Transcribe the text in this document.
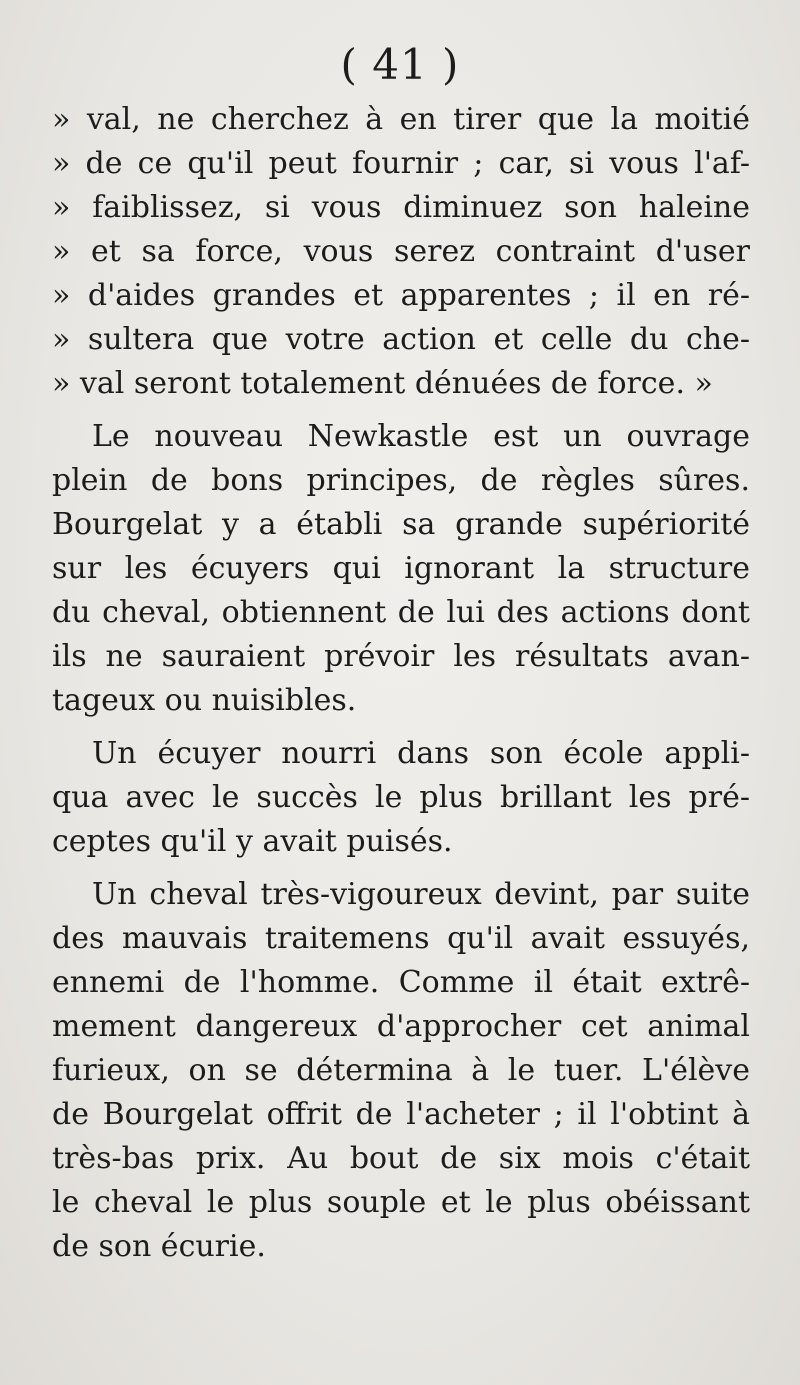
( 41 )
» val, ne cherchez à en tirer que la moitié
» de ce qu'il peut fournir ; car, si vous l'af-
» faiblissez, si vous diminuez son haleine
» et sa force, vous serez contraint d'user
» d'aides grandes et apparentes ; il en ré-
» sultera que votre action et celle du che-
» val seront totalement dénuées de force. »
Le nouveau Newkastle est un ouvrage
plein de bons principes, de règles sûres.
Bourgelat y a établi sa grande supériorité
sur les écuyers qui ignorant la structure
du cheval, obtiennent de lui des actions dont
ils ne sauraient prévoir les résultats avan-
tageux ou nuisibles.
Un écuyer nourri dans son école appli-
qua avec le succès le plus brillant les pré-
ceptes qu'il y avait puisés.
Un cheval très-vigoureux devint, par suite
des mauvais traitemens qu'il avait essuyés,
ennemi de l'homme. Comme il était extrê-
mement dangereux d'approcher cet animal
furieux, on se détermina à le tuer. L'élève
de Bourgelat offrit de l'acheter ; il l'obtint à
très-bas prix. Au bout de six mois c'était
le cheval le plus souple et le plus obéissant
de son écurie.
